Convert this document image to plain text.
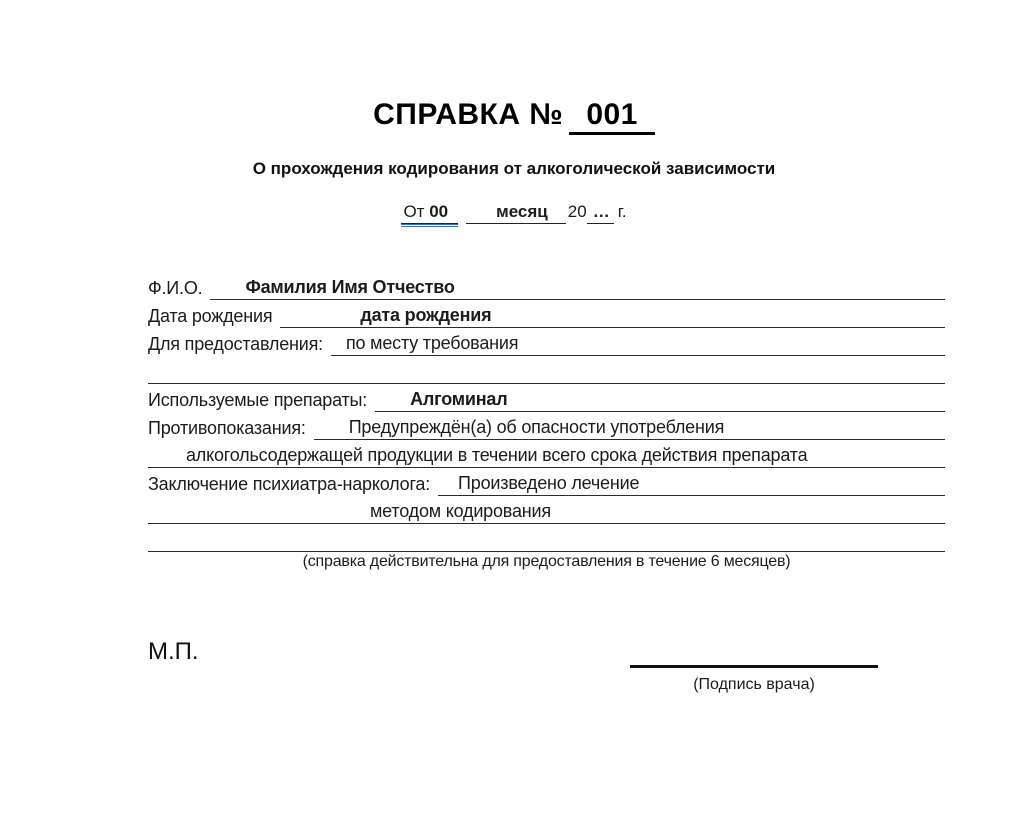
СПРАВКА № 001
О прохождения кодирования от алкоголической зависимости
От 00	месяц 20 … г.
Ф.И.О.	Фамилия Имя Отчество
Дата рождения	дата рождения
Для предоставления:	по месту требования
Используемые препараты:	Алгоминал
Противопоказания:	Предупреждён(а) об опасности употребления
алкогольсодержащей продукции в течении всего срока действия препарата
Заключение психиатра-нарколога:	Произведено лечение
методом кодирования
(справка действительна для предоставления в течение 6 месяцев)
М.П.
(Подпись врача)
